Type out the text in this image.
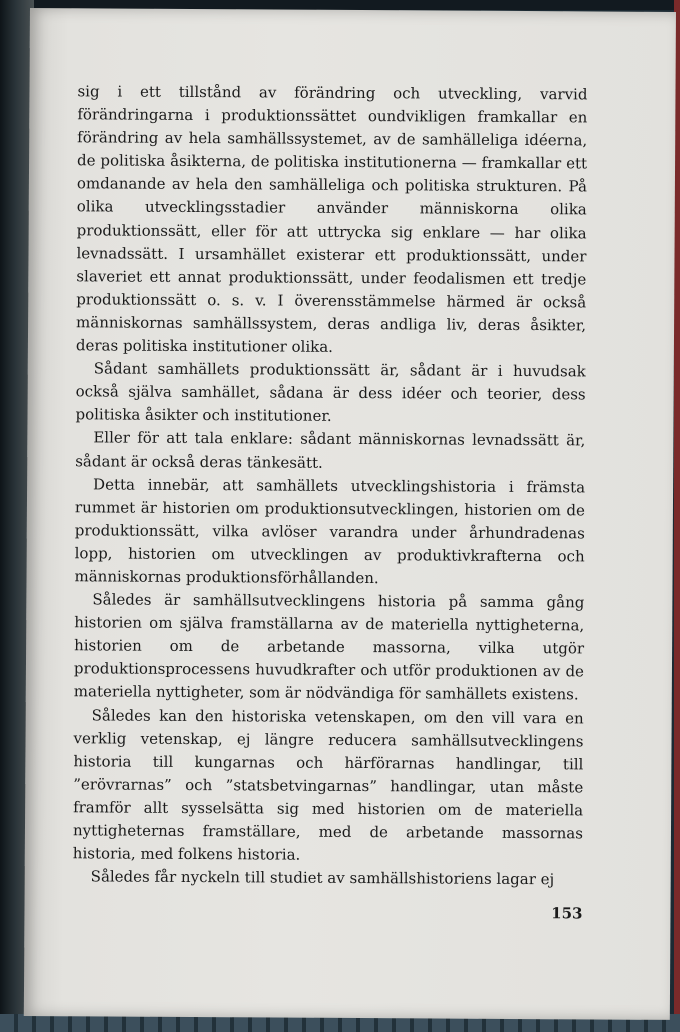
sig i ett tillstånd av förändring och utveckling, varvid förändringarna i produktionssättet oundvikligen framkallar en förändring av hela samhällssystemet, av de samhälleliga idéerna, de politiska åsikterna, de politiska institutionerna — framkallar ett omdanande av hela den samhälleliga och politiska strukturen. På olika utvecklingsstadier använder människorna olika produktionssätt, eller för att uttrycka sig enklare — har olika levnadssätt. I ursamhället existerar ett produktionssätt, under slaveriet ett annat produktionssätt, under feodalismen ett tredje produktionssätt o. s. v. I överensstämmelse härmed är också människornas samhällssystem, deras andliga liv, deras åsikter, deras politiska institutioner olika.

Sådant samhällets produktionssätt är, sådant är i huvudsak också själva samhället, sådana är dess idéer och teorier, dess politiska åsikter och institutioner.

Eller för att tala enklare: sådant människornas levnadssätt är, sådant är också deras tänkesätt.

Detta innebär, att samhällets utvecklingshistoria i främsta rummet är historien om produktionsutvecklingen, historien om de produktionssätt, vilka avlöser varandra under århundradenas lopp, historien om utvecklingen av produktivkrafterna och människornas produktionsförhållanden.

Således är samhällsutvecklingens historia på samma gång historien om själva framställarna av de materiella nyttigheterna, historien om de arbetande massorna, vilka utgör produktionsprocessens huvudkrafter och utför produktionen av de materiella nyttigheter, som är nödvändiga för samhällets existens.

Således kan den historiska vetenskapen, om den vill vara en verklig vetenskap, ej längre reducera samhällsutvecklingens historia till kungarnas och härförarnas handlingar, till ”erövrarnas” och ”statsbetvingarnas” handlingar, utan måste framför allt sysselsätta sig med historien om de materiella nyttigheternas framställare, med de arbetande massornas historia, med folkens historia.

Således får nyckeln till studiet av samhällshistoriens lagar ej

153
